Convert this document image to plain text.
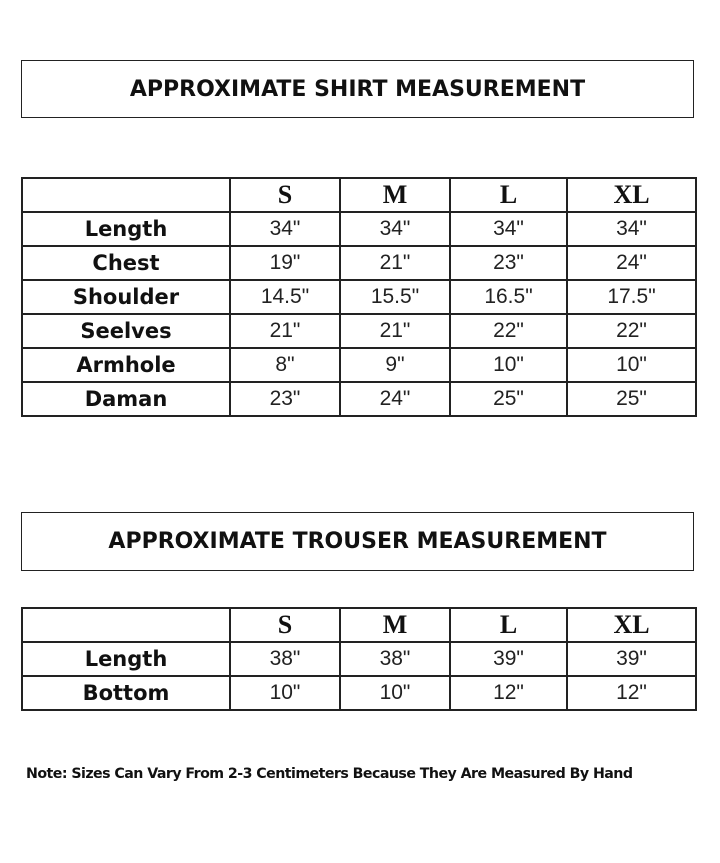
APPROXIMATE SHIRT MEASUREMENT
	S	M	L	XL
Length	34"	34"	34"	34"
Chest	19"	21"	23"	24"
Shoulder	14.5"	15.5"	16.5"	17.5"
Seelves	21"	21"	22"	22"
Armhole	8"	9"	10"	10"
Daman	23"	24"	25"	25"
APPROXIMATE TROUSER MEASUREMENT
	S	M	L	XL
Length	38"	38"	39"	39"
Bottom	10"	10"	12"	12"
Note: Sizes Can Vary From 2-3 Centimeters Because They Are Measured By Hand
